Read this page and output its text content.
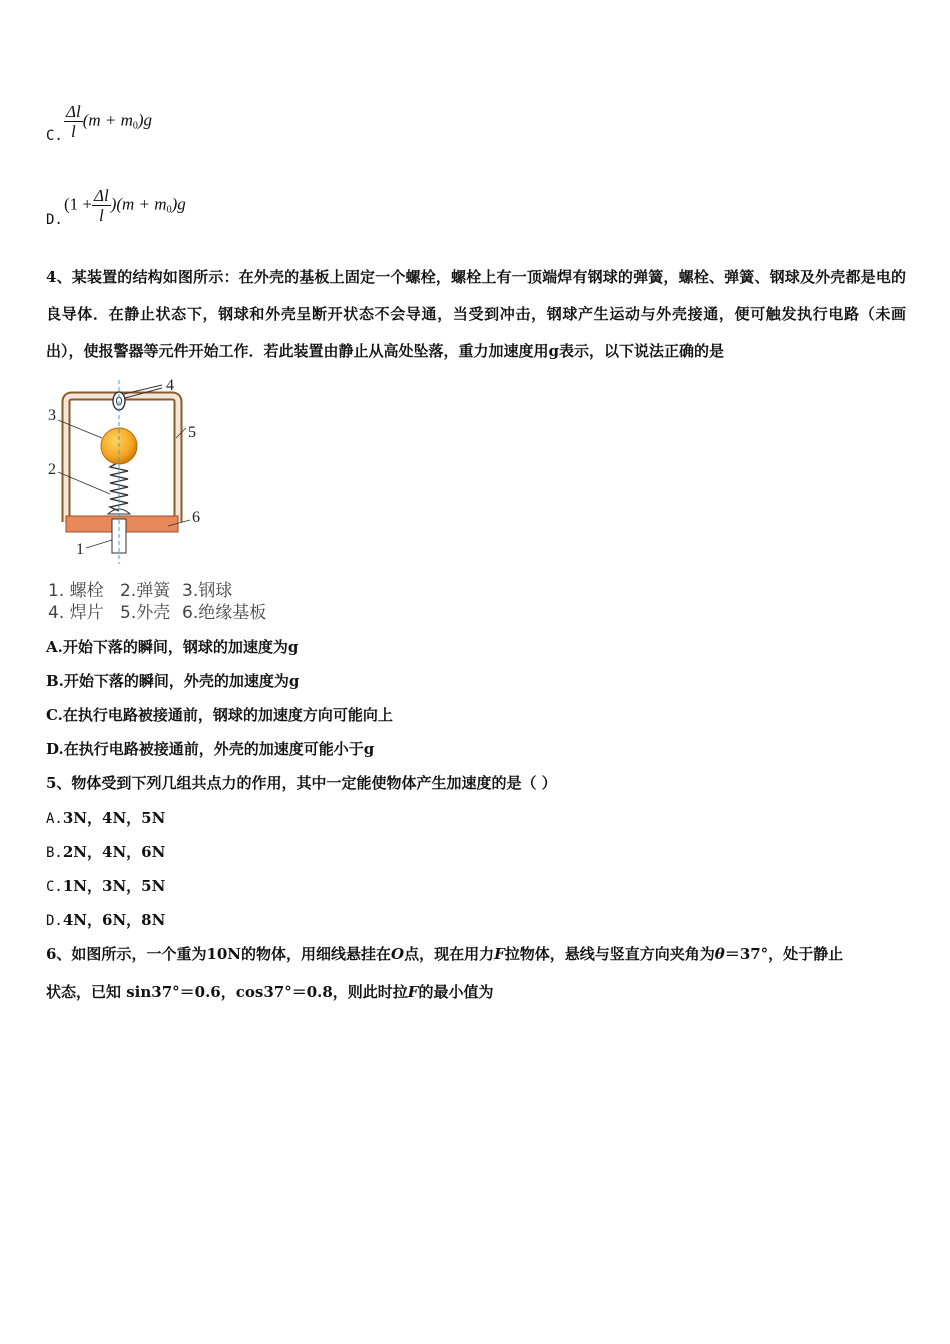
C. $\frac{\Delta l}{l} (m + m_0)g$
D.
$(1 + \frac{\Delta l}{l} )(m + m_0)g$
4、某装置的结构如图所示：在外壳的基板上固定一个螺栓，螺栓上有一顶端焊有钢球的弹簧，螺栓、弹簧、钢球及外壳都是电的良导体．在静止状态下，钢球和外壳呈断开状态不会导通，当受到冲击，钢球产生运动与外壳接通，便可触发执行电路（未画出），使报警器等元件开始工作．若此装置由静止从高处坠落，重力加速度用g表示，以下说法正确的是
1
2
3
4
5
6
1. 螺栓 2.弹簧 3.钢球
4. 焊片 5.外壳 6.绝缘基板
A.开始下落的瞬间，钢球的加速度为g
B.开始下落的瞬间，外壳的加速度为g
C.在执行电路被接通前，钢球的加速度方向可能向上
D.在执行电路被接通前，外壳的加速度可能小于g
5、物体受到下列几组共点力的作用，其中一定能使物体产生加速度的是（ ）
A.3N，4N，5N
B.2N，4N，6N
C.1N，3N，5N
D.4N，6N，8N
6、如图所示，一个重为10N的物体，用细线悬挂在O点，现在用力F拉物体，悬线与竖直方向夹角为θ＝37°，处于静止
状态，已知 sin37°＝0.6，cos37°＝0.8，则此时拉F的最小值为
